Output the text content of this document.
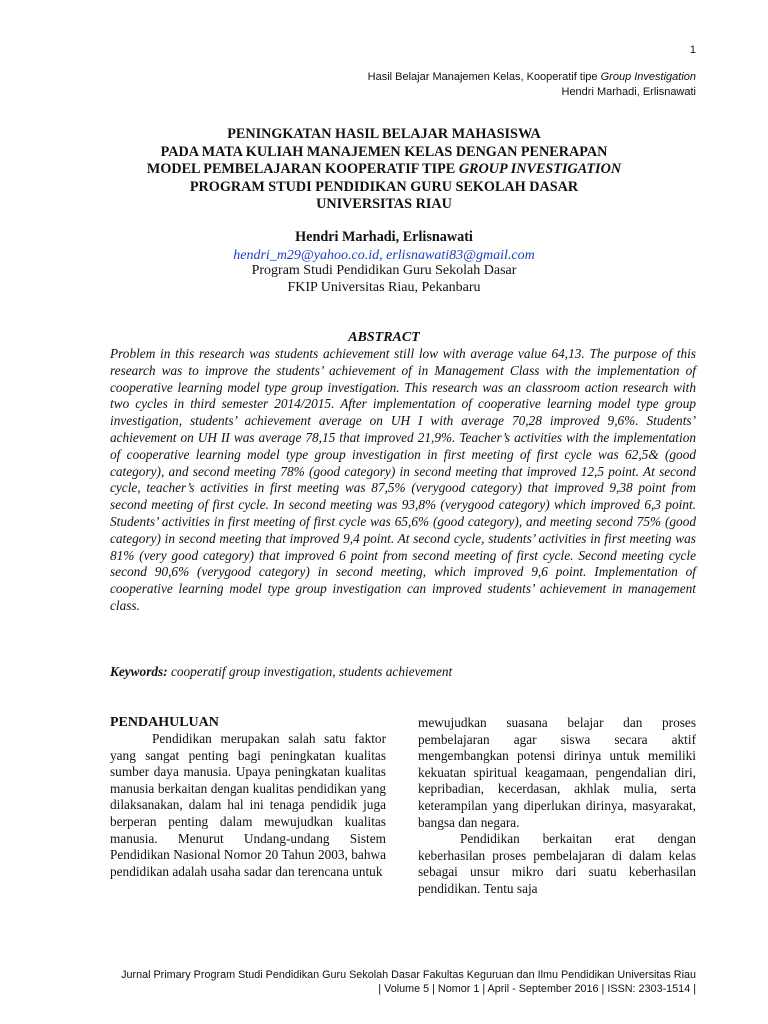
1
Hasil Belajar Manajemen Kelas, Kooperatif tipe Group Investigation
Hendri Marhadi, Erlisnawati
PENINGKATAN HASIL BELAJAR MAHASISWA
PADA MATA KULIAH MANAJEMEN KELAS DENGAN PENERAPAN
MODEL PEMBELAJARAN KOOPERATIF TIPE GROUP INVESTIGATION
PROGRAM STUDI PENDIDIKAN GURU SEKOLAH DASAR
UNIVERSITAS RIAU
Hendri Marhadi, Erlisnawati
hendri_m29@yahoo.co.id, erlisnawati83@gmail.com
Program Studi Pendidikan Guru Sekolah Dasar
FKIP Universitas Riau, Pekanbaru
ABSTRACT

Problem in this research was students achievement still low with average value 64,13. The purpose of this research was to improve the students’ achievement of in Management Class with the implementation of cooperative learning model type group investigation. This research was an classroom action research with two cycles in third semester 2014/2015. After implementation of cooperative learning model type group investigation, students’ achievement average on UH I with average 70,28 improved 9,6%. Students’ achievement on UH II was average 78,15 that improved 21,9%. Teacher’s activities with the implementation of cooperative learning model type group investigation in first meeting of first cycle was 62,5& (good category), and second meeting 78% (good category) in second meeting that improved 12,5 point. At second cycle, teacher’s activities in first meeting was 87,5% (verygood category) that improved 9,38 point from second meeting of first cycle. In second meeting was 93,8% (verygood category) which improved 6,3 point. Students’ activities in first meeting of first cycle was 65,6% (good category), and meeting second 75% (good category) in second meeting that improved 9,4 point. At second cycle, students’ activities in first meeting was 81% (very good category) that improved 6 point from second meeting of first cycle. Second meeting cycle second 90,6% (verygood category) in second meeting, which improved 9,6 point. Implementation of cooperative learning model type group investigation can improved students’ achievement in management class.

Keywords: cooperatif group investigation, students achievement
PENDAHULUAN

Pendidikan merupakan salah satu faktor yang sangat penting bagi peningkatan kualitas sumber daya manusia. Upaya peningkatan kualitas manusia berkaitan dengan kualitas pendidikan yang dilaksanakan, dalam hal ini tenaga pendidik juga berperan penting dalam mewujudkan kualitas manusia. Menurut Undang-undang Sistem Pendidikan Nasional Nomor 20 Tahun 2003, bahwa pendidikan adalah usaha sadar dan terencana untuk

mewujudkan suasana belajar dan proses pembelajaran agar siswa secara aktif mengembangkan potensi dirinya untuk memiliki kekuatan spiritual keagamaan, pengendalian diri, kepribadian, kecerdasan, akhlak mulia, serta keterampilan yang diperlukan dirinya, masyarakat, bangsa dan negara.

Pendidikan berkaitan erat dengan keberhasilan proses pembelajaran di dalam kelas sebagai unsur mikro dari suatu keberhasilan pendidikan. Tentu saja

Jurnal Primary Program Studi Pendidikan Guru Sekolah Dasar Fakultas Keguruan dan Ilmu Pendidikan Universitas Riau
| Volume 5 | Nomor 1 | April - September 2016 | ISSN: 2303-1514 |
